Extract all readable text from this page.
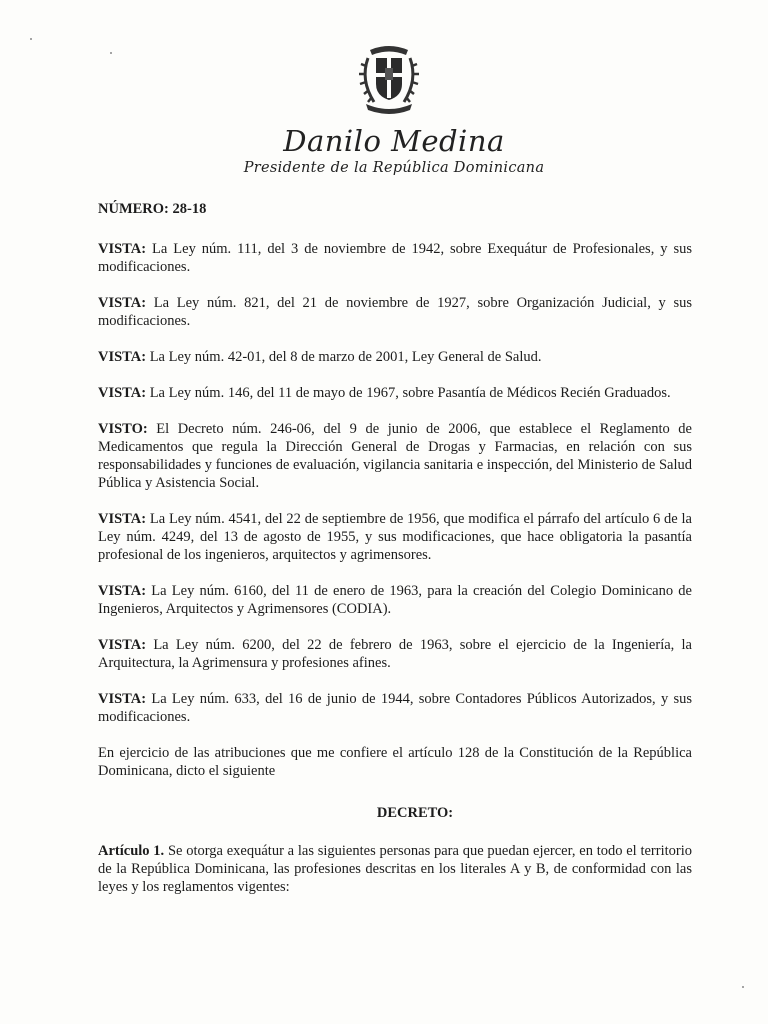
Danilo Medina
Presidente de la República Dominicana

NÚMERO: 28-18

VISTA: La Ley núm. 111, del 3 de noviembre de 1942, sobre Exequátur de Profesionales, y sus modificaciones.

VISTA: La Ley núm. 821, del 21 de noviembre de 1927, sobre Organización Judicial, y sus modificaciones.

VISTA: La Ley núm. 42-01, del 8 de marzo de 2001, Ley General de Salud.

VISTA: La Ley núm. 146, del 11 de mayo de 1967, sobre Pasantía de Médicos Recién Graduados.

VISTO: El Decreto núm. 246-06, del 9 de junio de 2006, que establece el Reglamento de Medicamentos que regula la Dirección General de Drogas y Farmacias, en relación con sus responsabilidades y funciones de evaluación, vigilancia sanitaria e inspección, del Ministerio de Salud Pública y Asistencia Social.

VISTA: La Ley núm. 4541, del 22 de septiembre de 1956, que modifica el párrafo del artículo 6 de la Ley núm. 4249, del 13 de agosto de 1955, y sus modificaciones, que hace obligatoria la pasantía profesional de los ingenieros, arquitectos y agrimensores.

VISTA: La Ley núm. 6160, del 11 de enero de 1963, para la creación del Colegio Dominicano de Ingenieros, Arquitectos y Agrimensores (CODIA).

VISTA: La Ley núm. 6200, del 22 de febrero de 1963, sobre el ejercicio de la Ingeniería, la Arquitectura, la Agrimensura y profesiones afines.

VISTA: La Ley núm. 633, del 16 de junio de 1944, sobre Contadores Públicos Autorizados, y sus modificaciones.

En ejercicio de las atribuciones que me confiere el artículo 128 de la Constitución de la República Dominicana, dicto el siguiente

DECRETO:

Artículo 1. Se otorga exequátur a las siguientes personas para que puedan ejercer, en todo el territorio de la República Dominicana, las profesiones descritas en los literales A y B, de conformidad con las leyes y los reglamentos vigentes:
